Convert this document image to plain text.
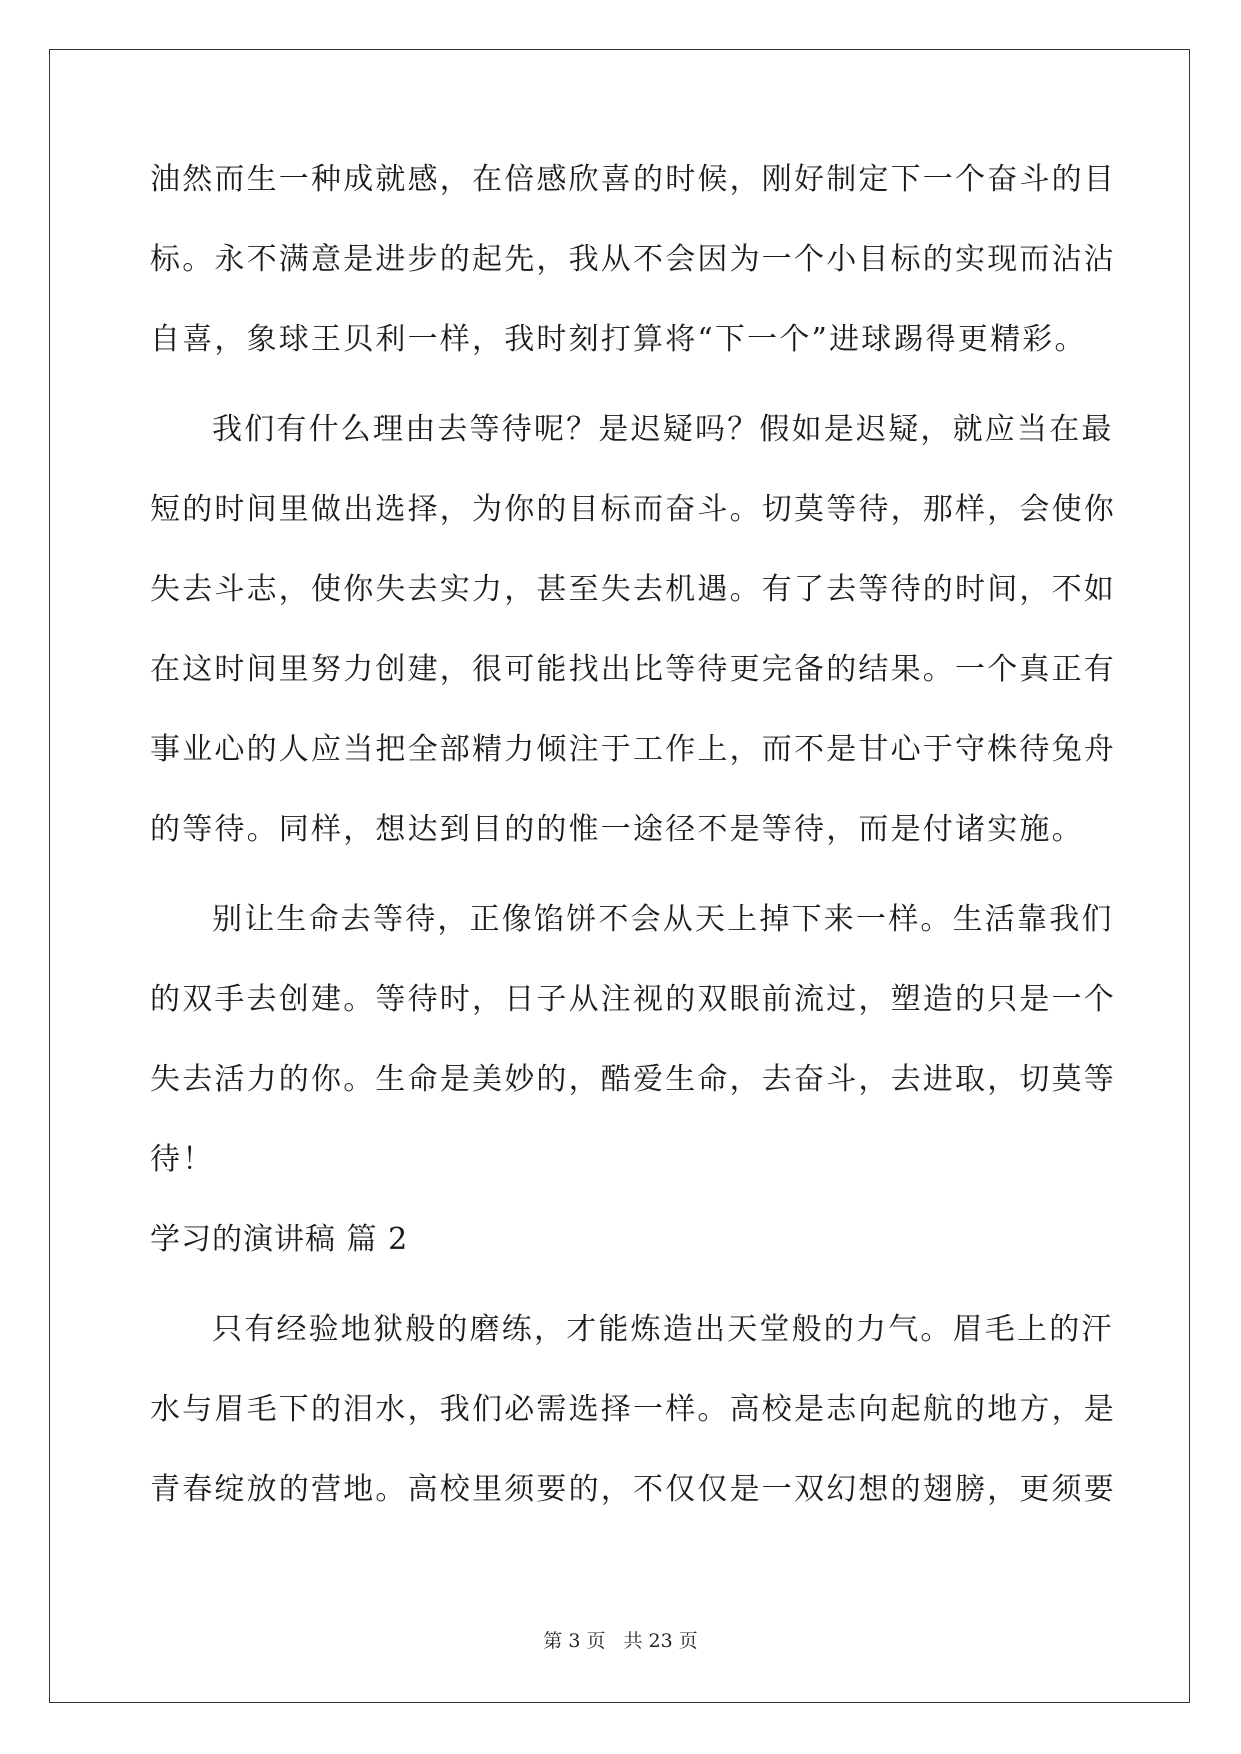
油然而生一种成就感，在倍感欣喜的时候，刚好制定下一个奋斗的目
标。永不满意是进步的起先，我从不会因为一个小目标的实现而沾沾
自喜，象球王贝利一样，我时刻打算将“下一个”进球踢得更精彩。
我们有什么理由去等待呢？是迟疑吗？假如是迟疑，就应当在最
短的时间里做出选择，为你的目标而奋斗。切莫等待，那样，会使你
失去斗志，使你失去实力，甚至失去机遇。有了去等待的时间，不如
在这时间里努力创建，很可能找出比等待更完备的结果。一个真正有
事业心的人应当把全部精力倾注于工作上，而不是甘心于守株待兔舟
的等待。同样，想达到目的的惟一途径不是等待，而是付诸实施。
别让生命去等待，正像馅饼不会从天上掉下来一样。生活靠我们
的双手去创建。等待时，日子从注视的双眼前流过，塑造的只是一个
失去活力的你。生命是美妙的，酷爱生命，去奋斗，去进取，切莫等
待！
学习的演讲稿 篇 2
只有经验地狱般的磨练，才能炼造出天堂般的力气。眉毛上的汗
水与眉毛下的泪水，我们必需选择一样。高校是志向起航的地方，是
青春绽放的营地。高校里须要的，不仅仅是一双幻想的翅膀，更须要
第 3 页 共 23 页
